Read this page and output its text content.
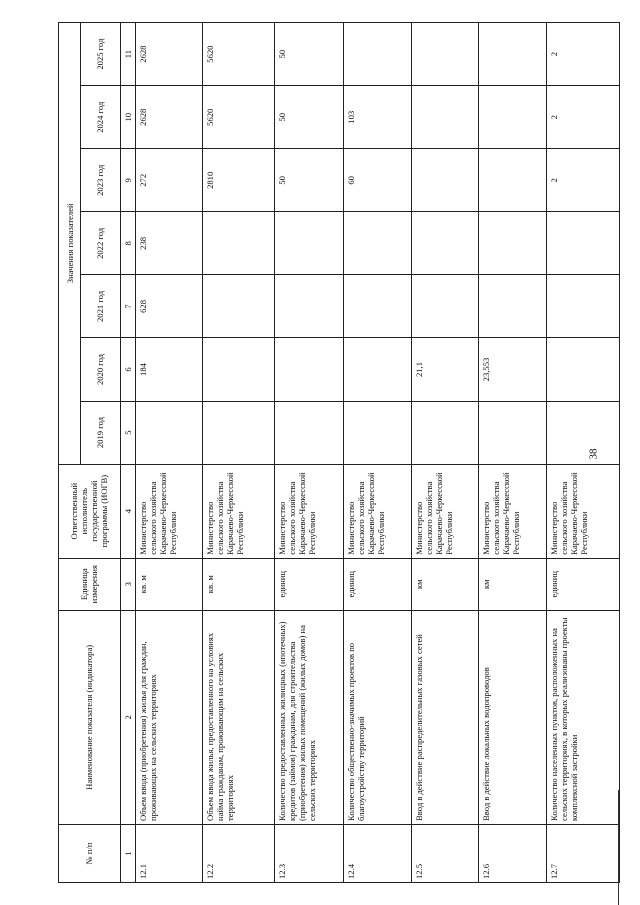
№ п/п	Наименование показателя (индикатора)	Единица измерения	Ответственный исполнитель государственной программы (ИОГВ)	Значения показателей						
				2019 год	2020 год	2021 год	2022 год	2023 год	2024 год	2025 год
1	2	3	4	5	6	7	8	9	10	11
12.1	Объем ввода (приобретения) жилья для граждан, проживающих на сельских территориях	кв. м	Министерство сельского хозяйства Карачаево-Черкесской Республики		184	628	238	272	2628	2628
12.2	Объем ввода жилья, предоставленного на условиях найма гражданам, проживающим на сельских территориях	кв. м	Министерство сельского хозяйства Карачаево-Черкесской Республики					2810	5620	5620
12.3	Количество предоставленных жилищных (ипотечных) кредитов (займов) гражданам, для строительства (приобретения) жилых помещений (жилых домов) на сельских территориях	единиц	Министерство сельского хозяйства Карачаево-Черкесской Республики					50	50	50
12.4	Количество общественно-значимых проектов по благоустройству территорий	единиц	Министерство сельского хозяйства Карачаево-Черкесской Республики					60	103	
12.5	Ввод в действие распределительных газовых сетей	км	Министерство сельского хозяйства Карачаево-Черкесской Республики		21,1					
12.6	Ввод в действие локальных водопроводов	км	Министерство сельского хозяйства Карачаево-Черкесской Республики		23,553					
12.7	Количество населенных пунктов, расположенных на сельских территориях, в которых реализованы проекты комплексной застройки	единиц	Министерство сельского хозяйства Карачаево-Черкесской Республики					2	2	2
38
